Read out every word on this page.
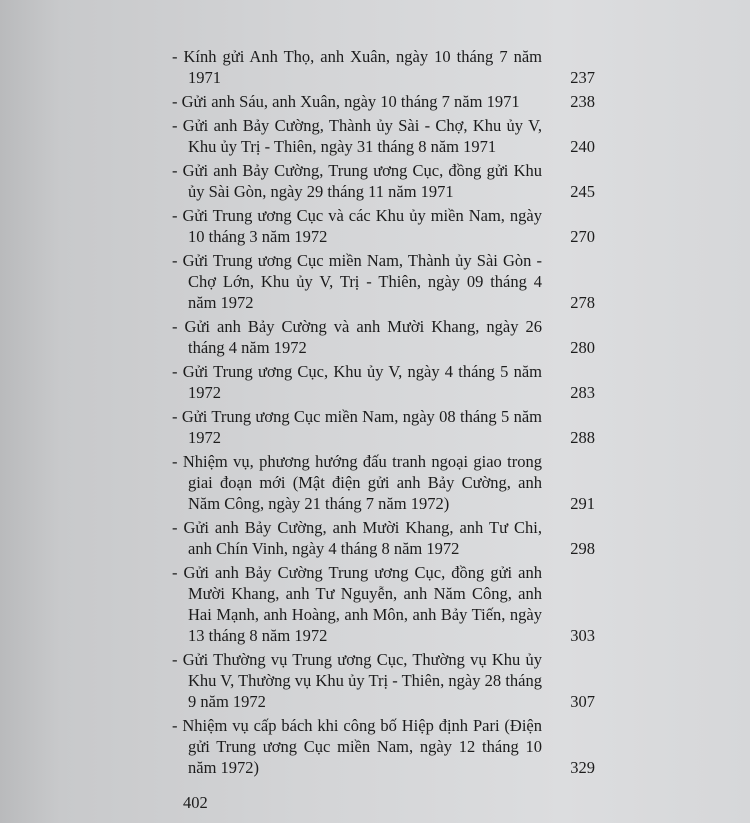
- Kính gửi Anh Thọ, anh Xuân, ngày 10 tháng 7 năm 1971	237
- Gửi anh Sáu, anh Xuân, ngày 10 tháng 7 năm 1971	238
- Gửi anh Bảy Cường, Thành ủy Sài - Chợ, Khu ủy V, Khu ủy Trị - Thiên, ngày 31 tháng 8 năm 1971	240
- Gửi anh Bảy Cường, Trung ương Cục, đồng gửi Khu ủy Sài Gòn, ngày 29 tháng 11 năm 1971	245
- Gửi Trung ương Cục và các Khu ủy miền Nam, ngày 10 tháng 3 năm 1972	270
- Gửi Trung ương Cục miền Nam, Thành ủy Sài Gòn - Chợ Lớn, Khu ủy V, Trị - Thiên, ngày 09 tháng 4 năm 1972	278
- Gửi anh Bảy Cường và anh Mười Khang, ngày 26 tháng 4 năm 1972	280
- Gửi Trung ương Cục, Khu ủy V, ngày 4 tháng 5 năm 1972	283
- Gửi Trung ương Cục miền Nam, ngày 08 tháng 5 năm 1972	288
- Nhiệm vụ, phương hướng đấu tranh ngoại giao trong giai đoạn mới (Mật điện gửi anh Bảy Cường, anh Năm Công, ngày 21 tháng 7 năm 1972)	291
- Gửi anh Bảy Cường, anh Mười Khang, anh Tư Chi, anh Chín Vinh, ngày 4 tháng 8 năm 1972	298
- Gửi anh Bảy Cường Trung ương Cục, đồng gửi anh Mười Khang, anh Tư Nguyễn, anh Năm Công, anh Hai Mạnh, anh Hoàng, anh Môn, anh Bảy Tiến, ngày 13 tháng 8 năm 1972	303
- Gửi Thường vụ Trung ương Cục, Thường vụ Khu ủy Khu V, Thường vụ Khu ủy Trị - Thiên, ngày 28 tháng 9 năm 1972	307
- Nhiệm vụ cấp bách khi công bố Hiệp định Pari (Điện gửi Trung ương Cục miền Nam, ngày 12 tháng 10 năm 1972)	329
402
